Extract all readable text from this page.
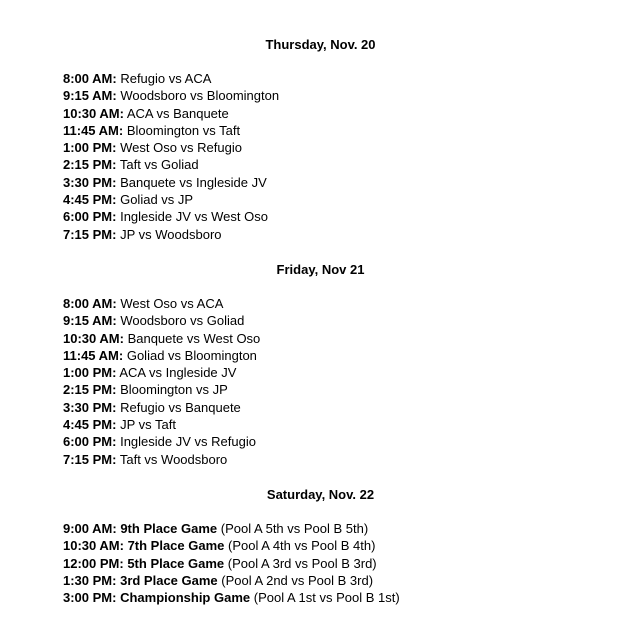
Thursday, Nov. 20
8:00 AM: Refugio vs ACA
9:15 AM: Woodsboro vs Bloomington
10:30 AM: ACA vs Banquete
11:45 AM: Bloomington vs Taft
1:00 PM: West Oso vs Refugio
2:15 PM: Taft vs Goliad
3:30 PM: Banquete vs Ingleside JV
4:45 PM: Goliad vs JP
6:00 PM: Ingleside JV vs West Oso
7:15 PM: JP vs Woodsboro
Friday, Nov 21
8:00 AM: West Oso vs ACA
9:15 AM: Woodsboro vs Goliad
10:30 AM: Banquete vs West Oso
11:45 AM: Goliad vs Bloomington
1:00 PM: ACA vs Ingleside JV
2:15 PM: Bloomington vs JP
3:30 PM: Refugio vs Banquete
4:45 PM: JP vs Taft
6:00 PM: Ingleside JV vs Refugio
7:15 PM: Taft vs Woodsboro
Saturday, Nov. 22
9:00 AM: 9th Place Game (Pool A 5th vs Pool B 5th)
10:30 AM: 7th Place Game (Pool A 4th vs Pool B 4th)
12:00 PM: 5th Place Game (Pool A 3rd vs Pool B 3rd)
1:30 PM: 3rd Place Game (Pool A 2nd vs Pool B 3rd)
3:00 PM: Championship Game (Pool A 1st vs Pool B 1st)
